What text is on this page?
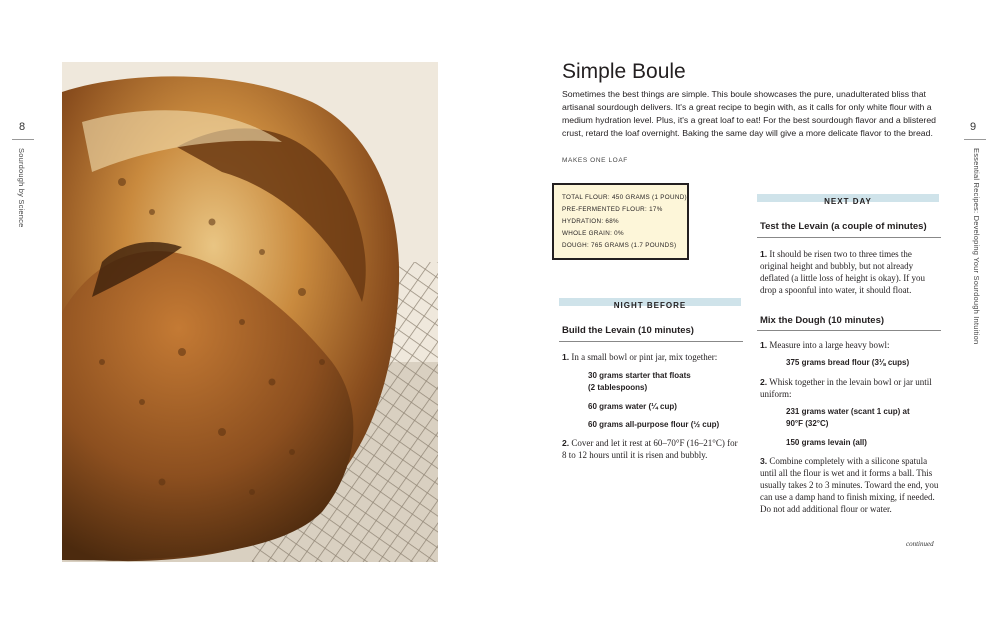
8
Sourdough by Science
9
Essential Recipes: Developing Your Sourdough Intuition
Simple Boule

Sometimes the best things are simple. This boule showcases the pure, unadulterated bliss that artisanal sourdough delivers. It's a great recipe to begin with, as it calls for only white flour with a medium hydration level. Plus, it's a great loaf to eat! For the best sourdough flavor and a blistered crust, retard the loaf overnight. Baking the same day will give a more delicate flavor to the bread.

MAKES ONE LOAF
TOTAL FLOUR: 450 GRAMS (1 POUND)
PRE-FERMENTED FLOUR: 17%
HYDRATION: 68%
WHOLE GRAIN: 0%
DOUGH: 765 GRAMS (1.7 POUNDS)
NIGHT BEFORE
Build the Levain (10 minutes)

1. In a small bowl or pint jar, mix together:

30 grams starter that floats

(2 tablespoons)

60 grams water (¼ cup)

60 grams all-purpose flour (½ cup)

2. Cover and let it rest at 60–70°F (16–21°C) for 8 to 12 hours until it is risen and bubbly.

NEXT DAY
Test the Levain (a couple of minutes)

1. It should be risen two to three times the original height and bubbly, but not already deflated (a little loss of height is okay). If you drop a spoonful into water, it should float.

Mix the Dough (10 minutes)

1. Measure into a large heavy bowl:

375 grams bread flour (3⅛ cups)

2. Whisk together in the levain bowl or jar until uniform:

231 grams water (scant 1 cup) at

90°F (32°C)

150 grams levain (all)

3. Combine completely with a silicone spatula until all the flour is wet and it forms a ball. This usually takes 2 to 3 minutes. Toward the end, you can use a damp hand to finish mixing, if needed. Do not add additional flour or water.

continued
